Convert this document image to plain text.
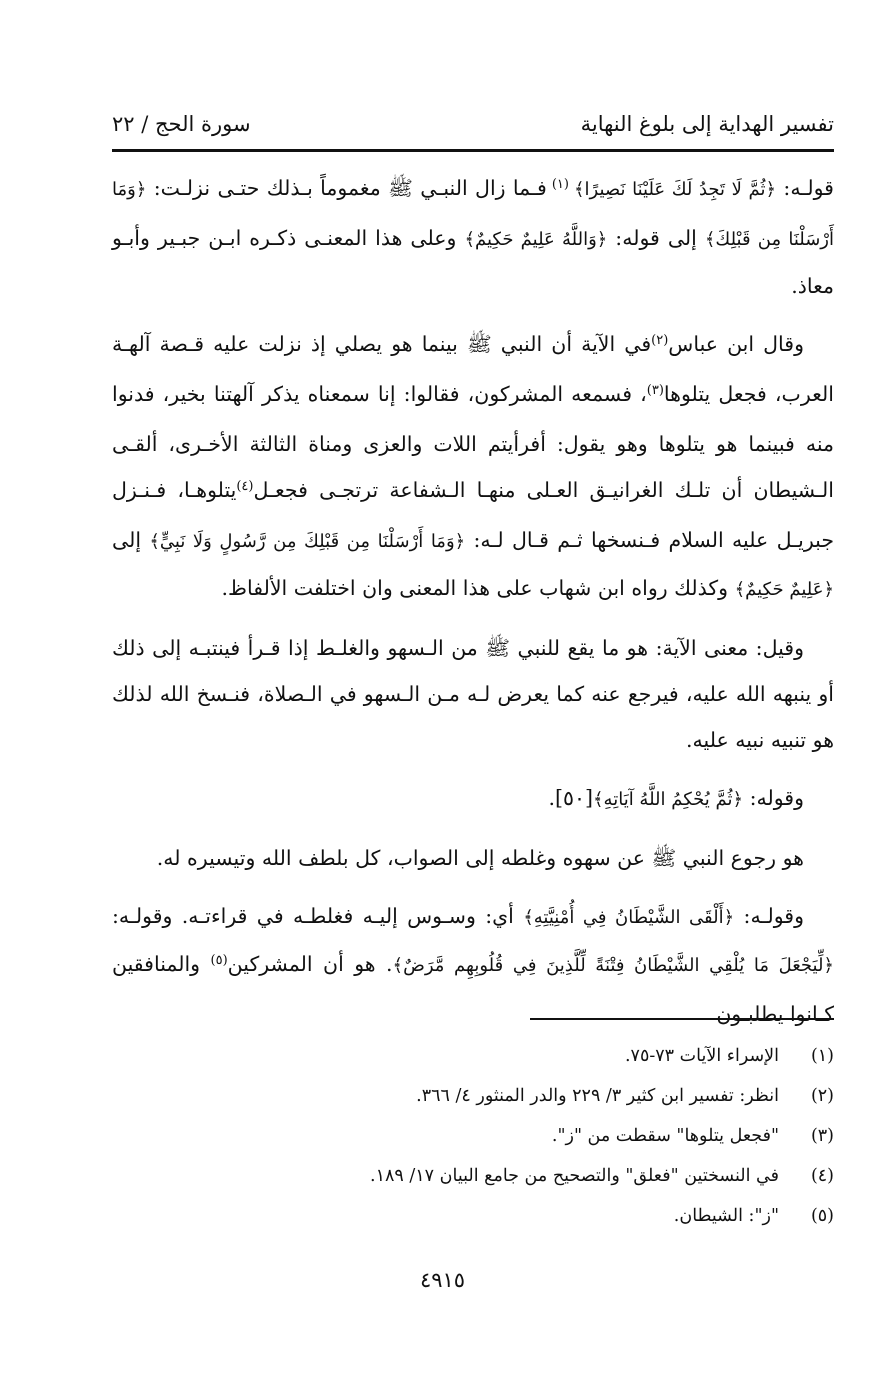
تفسير الهداية إلى بلوغ النهاية
سورة الحج / ٢٢

قولـه: ﴿ثُمَّ لَا تَجِدُ لَكَ عَلَيْنَا نَصِيرًا﴾ $^{(١)}$ فـما زال النبـي ﷺ مغموماً بـذلك حتـى نزلـت: ﴿وَمَا أَرْسَلْنَا مِن قَبْلِكَ﴾ إلى قوله: ﴿وَاللَّهُ عَلِيمٌ حَكِيمٌ﴾ وعلى هذا المعنـى ذكـره ابـن جبـير وأبـو معاذ.

وقال ابن عباس$^{(٢)}$في الآية أن النبي ﷺ بينما هو يصلي إذ نزلت عليه قـصة آلهـة العرب، فجعل يتلوها$^{(٣)}$، فسمعه المشركون، فقالوا: إنا سمعناه يذكر آلهتنا بخير، فدنوا منه فبينما هو يتلوها وهو يقول: أفرأيتم اللات والعزى ومناة الثالثة الأخـرى، ألقـى الـشيطان أن تلـك الغرانيـق العـلى منهـا الـشفاعة ترتجـى فجعـل$^{(٤)}$يتلوهـا، فـنـزل جبريـل عليه السلام فـنسخها ثـم قـال لـه: ﴿وَمَا أَرْسَلْنَا مِن قَبْلِكَ مِن رَّسُولٍ وَلَا نَبِيٍّ﴾ إلى ﴿عَلِيمٌ حَكِيمٌ﴾ وكذلك رواه ابن شهاب على هذا المعنى وان اختلفت الألفاظ.

وقيل: معنى الآية: هو ما يقع للنبي ﷺ من الـسهو والغلـط إذا قـرأ فينتبـه إلى ذلك أو ينبهه الله عليه، فيرجع عنه كما يعرض لـه مـن الـسهو في الـصلاة، فنـسخ الله لذلك هو تنبيه نبيه عليه.

وقوله: ﴿ثُمَّ يُحْكِمُ اللَّهُ آيَاتِهِ﴾[٥٠].

هو رجوع النبي ﷺ عن سهوه وغلطه إلى الصواب، كل بلطف الله وتيسيره له.

وقولـه: ﴿أَلْقَى الشَّيْطَانُ فِي أُمْنِيَّتِهِ﴾ أي: وسـوس إليـه فغلطـه في قراءتـه. وقولـه: ﴿لِّيَجْعَلَ مَا يُلْقِي الشَّيْطَانُ فِتْنَةً لِّلَّذِينَ فِي قُلُوبِهِم مَّرَضٌ﴾. هو أن المشركين$^{(٥)}$ والمنافقين كـانوا يطلبـون

(١)
الإسراء الآيات ٧٣-٧٥.
(٢)
انظر: تفسير ابن كثير ٣/ ٢٢٩ والدر المنثور ٤/ ٣٦٦.
(٣)
"فجعل يتلوها" سقطت من "ز".
(٤)
في النسختين "فعلق" والتصحيح من جامع البيان ١٧/ ١٨٩.
(٥)
"ز": الشيطان.
٤٩١٥
